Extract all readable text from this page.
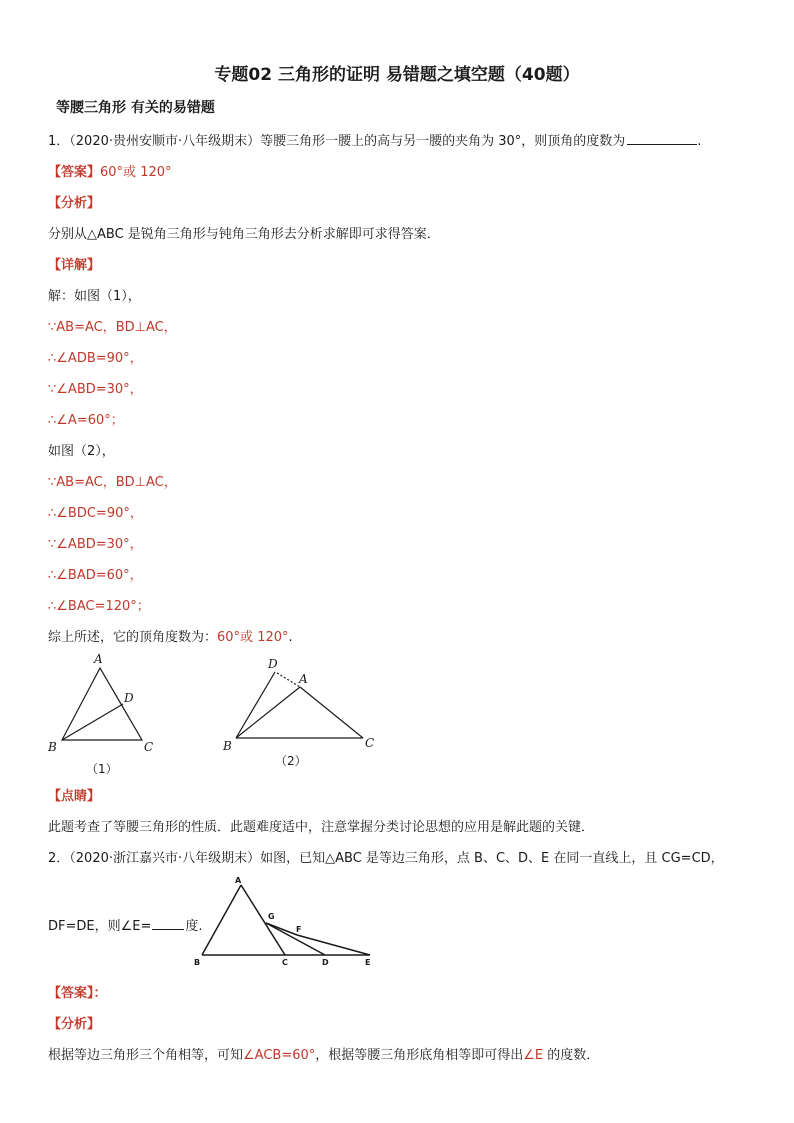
专题02 三角形的证明 易错题之填空题（40题）
等腰三角形 有关的易错题
1．（2020·贵州安顺市·八年级期末）等腰三角形一腰上的高与另一腰的夹角为 30°，则顶角的度数为	.
【答案】60°或 120°
【分析】
分别从△ABC 是锐角三角形与钝角三角形去分析求解即可求得答案．
【详解】
解：如图（1），
∵AB=AC，BD⊥AC，
∴∠ADB=90°，
∵∠ABD=30°，
∴∠A=60°；
如图（2），
∵AB=AC，BD⊥AC，
∴∠BDC=90°，
∵∠ABD=30°，
∴∠BAD=60°，
∴∠BAC=120°；
综上所述，它的顶角度数为：60°或 120°.
A
D
B	C
（1）
D
A
B	C
（2）
【点睛】
此题考查了等腰三角形的性质．此题难度适中，注意掌握分类讨论思想的应用是解此题的关键．
2．（2020·浙江嘉兴市·八年级期末）如图，已知△ABC 是等边三角形，点 B、C、D、E 在同一直线上，且 CG=CD，
DF=DE，则∠E=	度.
A
B	C	D	E
F
G
【答案】：
【分析】
根据等边三角形三个角相等，可知∠ACB=60°，根据等腰三角形底角相等即可得出∠E 的度数．
